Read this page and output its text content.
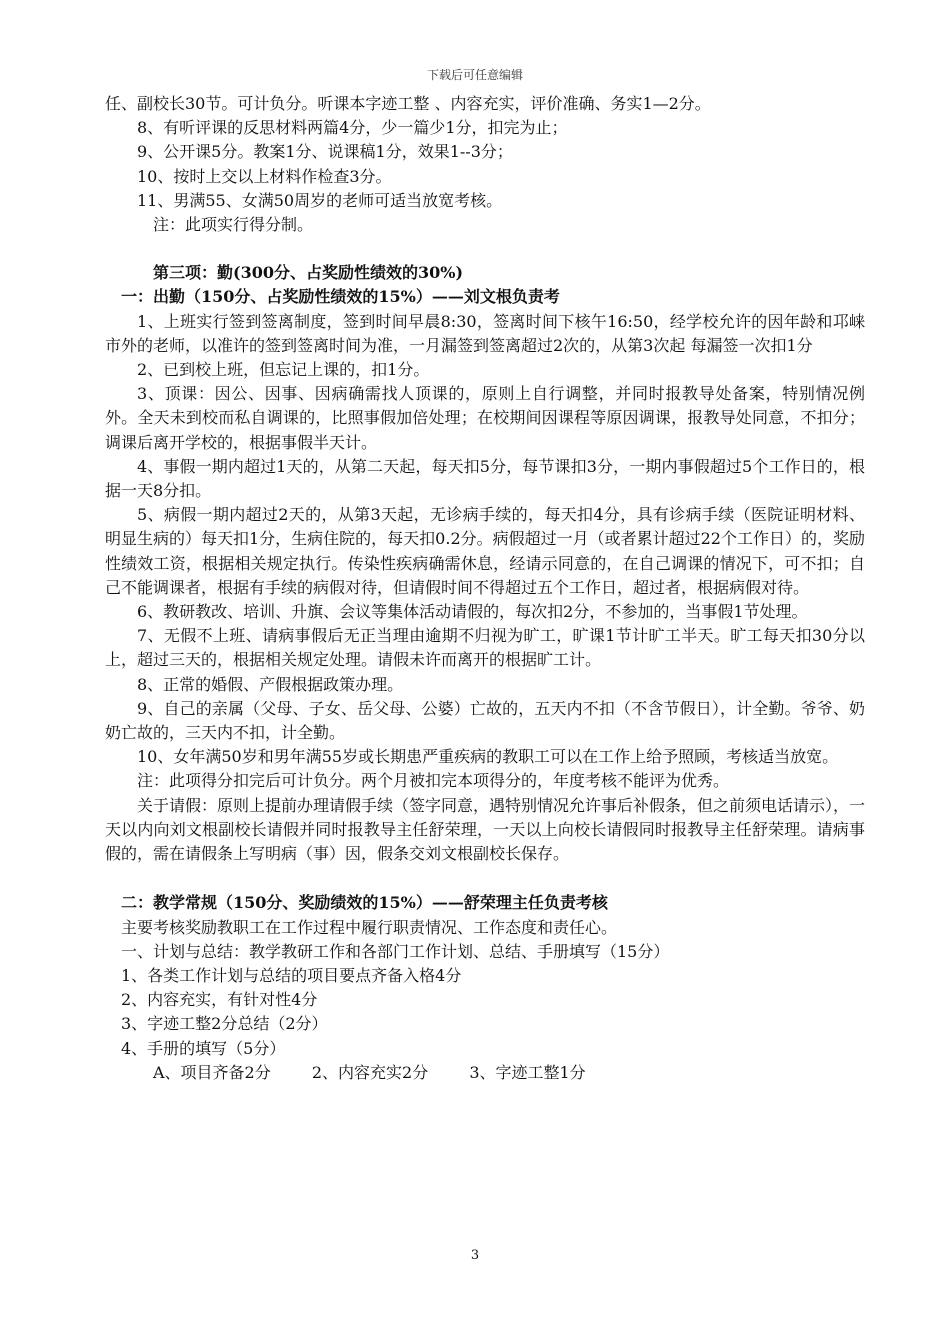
下载后可任意编辑

任、副校长30节。可计负分。听课本字迹工整 、内容充实，评价准确、务实1—2分。

8、有听评课的反思材料两篇4分，少一篇少1分，扣完为止；

9、公开课5分。教案1分、说课稿1分，效果1--3分；

10、按时上交以上材料作检查3分。

11、男满55、女满50周岁的老师可适当放宽考核。

注：此项实行得分制。

第三项：勤(300分、占奖励性绩效的30%)

一：出勤（150分、占奖励性绩效的15%）——刘文根负责考

1、上班实行签到签离制度，签到时间早晨8:30，签离时间下核午16:50，经学校允许的因年龄和邛崃市外的老师，以准许的签到签离时间为准，一月漏签到签离超过2次的，从第3次起 每漏签一次扣1分

2、已到校上班，但忘记上课的，扣1分。

3、顶课：因公、因事、因病确需找人顶课的，原则上自行调整，并同时报教导处备案，特别情况例外。全天未到校而私自调课的，比照事假加倍处理；在校期间因课程等原因调课，报教导处同意，不扣分；调课后离开学校的，根据事假半天计。

4、事假一期内超过1天的，从第二天起，每天扣5分，每节课扣3分，一期内事假超过5个工作日的，根据一天8分扣。

5、病假一期内超过2天的，从第3天起，无诊病手续的，每天扣4分，具有诊病手续（医院证明材料、明显生病的）每天扣1分，生病住院的，每天扣0.2分。病假超过一月（或者累计超过22个工作日）的，奖励性绩效工资，根据相关规定执行。传染性疾病确需休息，经请示同意的，在自己调课的情况下，可不扣；自己不能调课者，根据有手续的病假对待，但请假时间不得超过五个工作日，超过者，根据病假对待。

6、教研教改、培训、升旗、会议等集体活动请假的，每次扣2分，不参加的，当事假1节处理。

7、无假不上班、请病事假后无正当理由逾期不归视为旷工，旷课1节计旷工半天。旷工每天扣30分以上，超过三天的，根据相关规定处理。请假未许而离开的根据旷工计。

8、正常的婚假、产假根据政策办理。

9、自己的亲属（父母、子女、岳父母、公婆）亡故的，五天内不扣（不含节假日），计全勤。爷爷、奶奶亡故的，三天内不扣，计全勤。

10、女年满50岁和男年满55岁或长期患严重疾病的教职工可以在工作上给予照顾，考核适当放宽。

注：此项得分扣完后可计负分。两个月被扣完本项得分的，年度考核不能评为优秀。

关于请假：原则上提前办理请假手续（签字同意，遇特别情况允许事后补假条，但之前须电话请示），一天以内向刘文根副校长请假并同时报教导主任舒荣理，一天以上向校长请假同时报教导主任舒荣理。请病事假的，需在请假条上写明病（事）因，假条交刘文根副校长保存。

二：教学常规（150分、奖励绩效的15%）——舒荣理主任负责考核

主要考核奖励教职工在工作过程中履行职责情况、工作态度和责任心。

一、计划与总结：教学教研工作和各部门工作计划、总结、手册填写（15分）

1、各类工作计划与总结的项目要点齐备入格4分

2、内容充实，有针对性4分

3、字迹工整2分总结（2分）

4、手册的填写（5分）

A、项目齐备2分	2、内容充实2分	3、字迹工整1分

3
